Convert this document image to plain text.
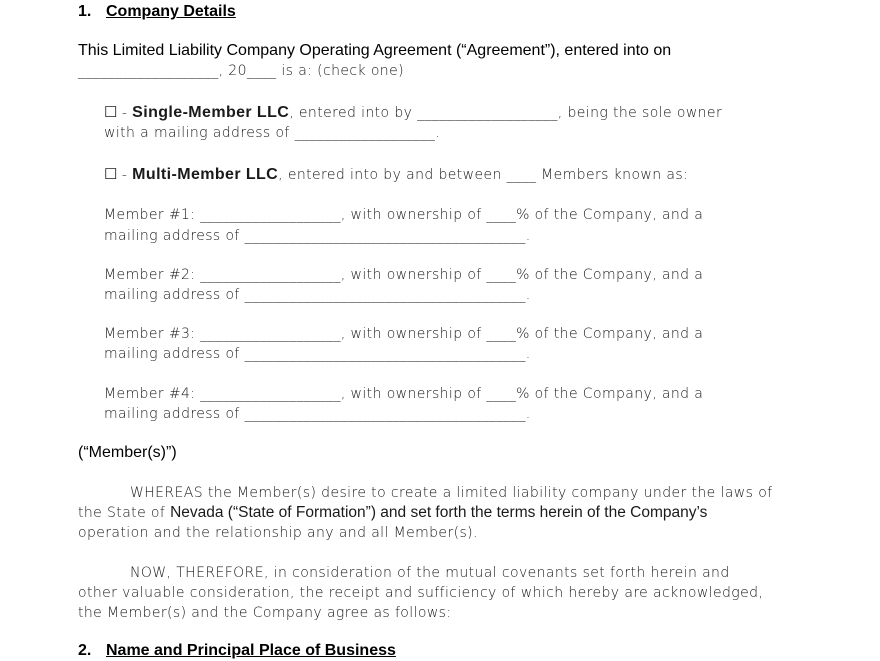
1. Company Details
This Limited Liability Company Operating Agreement (“Agreement”), entered into on
___________________, 20____ is a: (check one)
☐ - Single-Member LLC, entered into by ___________________, being the sole owner
with a mailing address of ___________________.
☐ - Multi-Member LLC, entered into by and between ____ Members known as:
Member #1: ___________________, with ownership of ____% of the Company, and a
mailing address of ______________________________________.
Member #2: ___________________, with ownership of ____% of the Company, and a
mailing address of ______________________________________.
Member #3: ___________________, with ownership of ____% of the Company, and a
mailing address of ______________________________________.
Member #4: ___________________, with ownership of ____% of the Company, and a
mailing address of ______________________________________.
(“Member(s)”)
WHEREAS the Member(s) desire to create a limited liability company under the laws of
the State of Nevada (“State of Formation”) and set forth the terms herein of the Company’s
operation and the relationship any and all Member(s).
NOW, THEREFORE, in consideration of the mutual covenants set forth herein and
other valuable consideration, the receipt and sufficiency of which hereby are acknowledged,
the Member(s) and the Company agree as follows:
2. Name and Principal Place of Business
